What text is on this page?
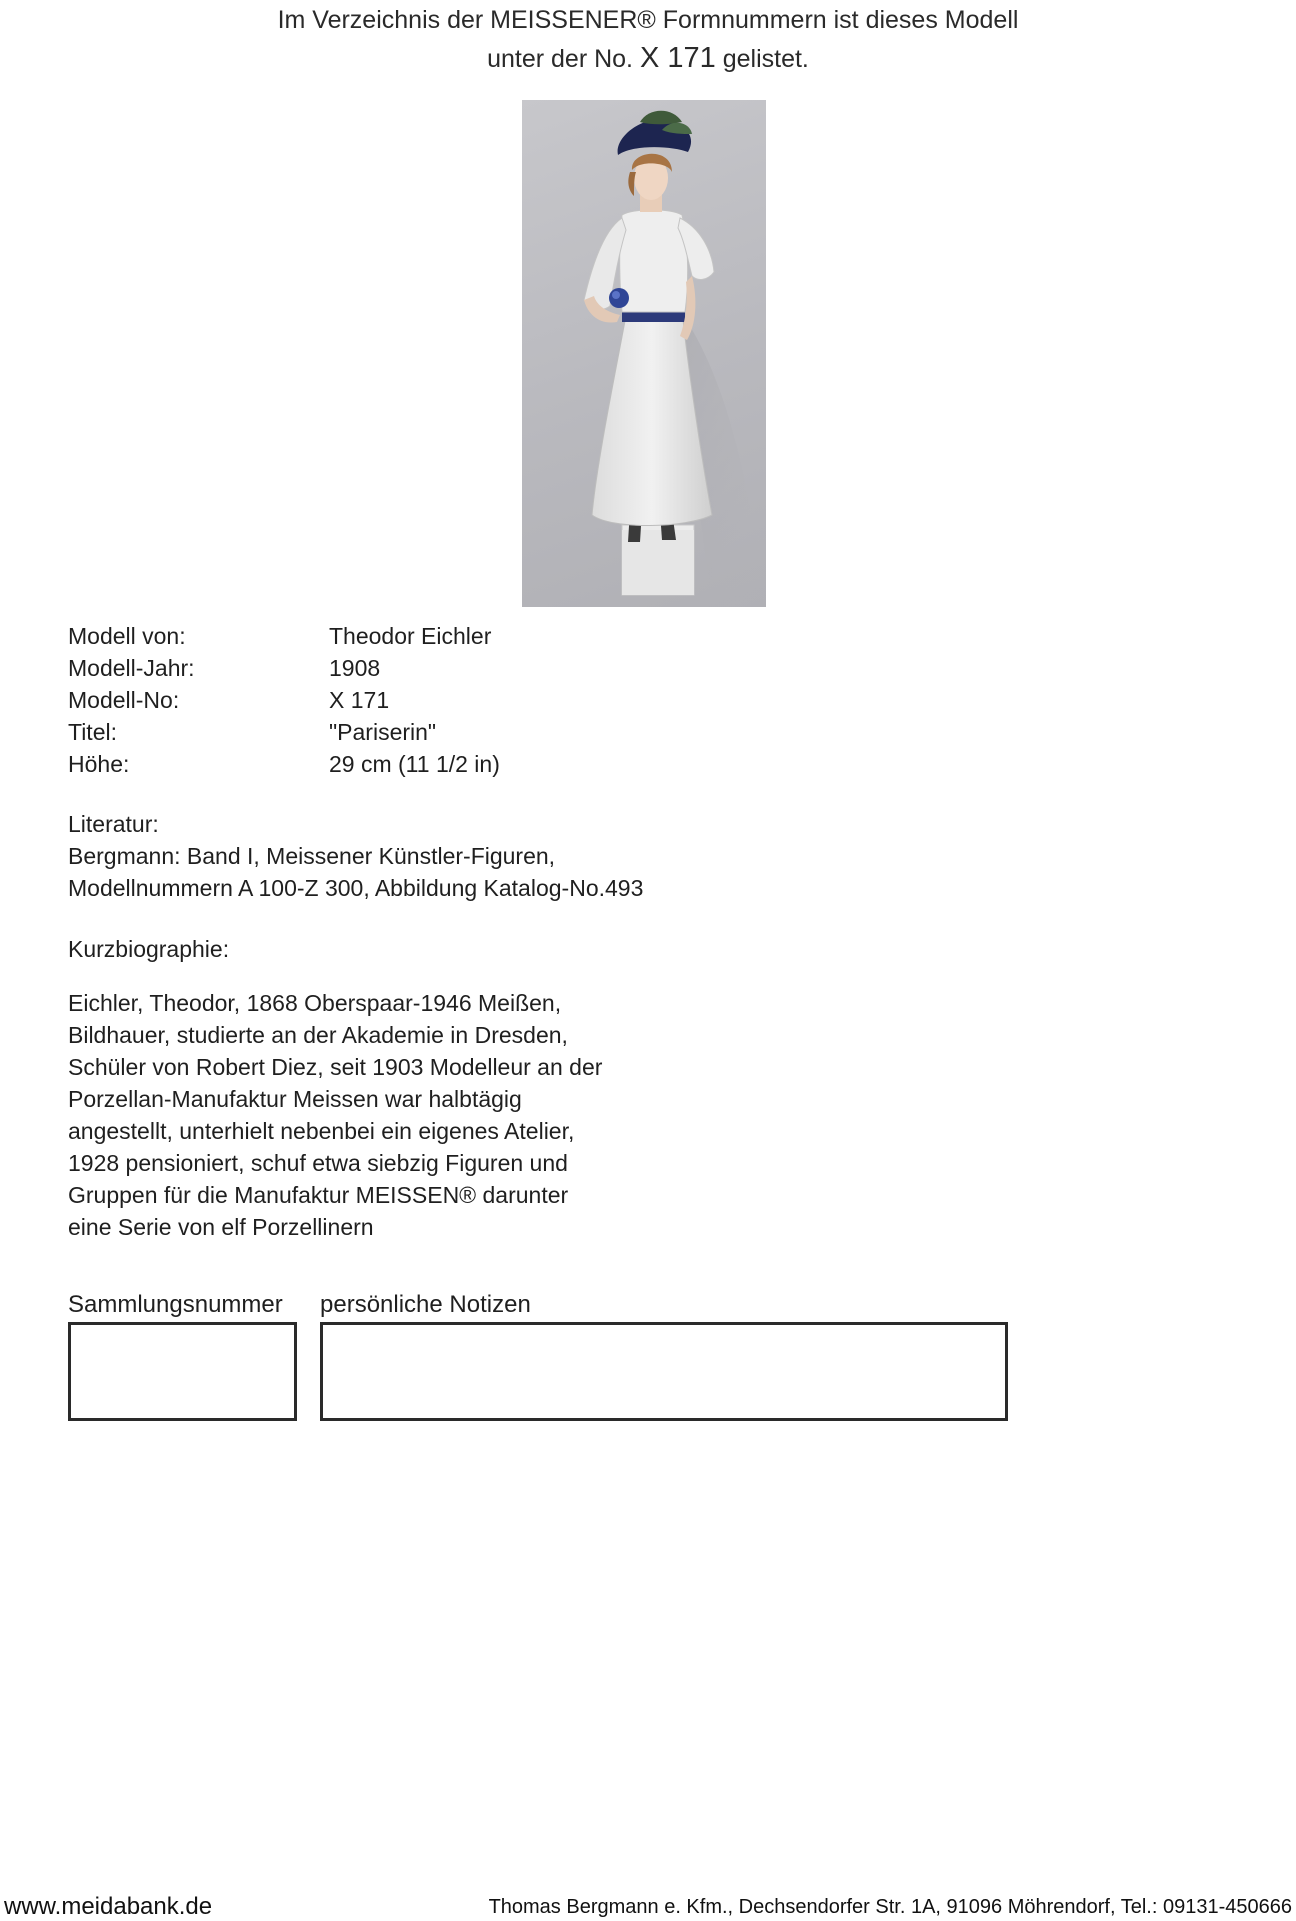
Im Verzeichnis der MEISSENER® Formnummern ist dieses Modell
unter der No. X 171 gelistet.
Modell von:	Theodor Eichler
Modell-Jahr:	1908
Modell-No:	X 171
Titel:	"Pariserin"
Höhe:	29 cm (11 1/2 in)
Literatur:
Bergmann: Band I, Meissener Künstler-Figuren,
Modellnummern A 100-Z 300, Abbildung Katalog-No.493
Kurzbiographie:
Eichler, Theodor, 1868 Oberspaar-1946 Meißen,
Bildhauer, studierte an der Akademie in Dresden,
Schüler von Robert Diez, seit 1903 Modelleur an der
Porzellan-Manufaktur Meissen war halbtägig
angestellt, unterhielt nebenbei ein eigenes Atelier,
1928 pensioniert, schuf etwa siebzig Figuren und
Gruppen für die Manufaktur MEISSEN® darunter
eine Serie von elf Porzellinern
Sammlungsnummer persönliche Notizen
www.meidabank.de	Thomas Bergmann e. Kfm., Dechsendorfer Str. 1A, 91096 Möhrendorf, Tel.: 09131-450666
